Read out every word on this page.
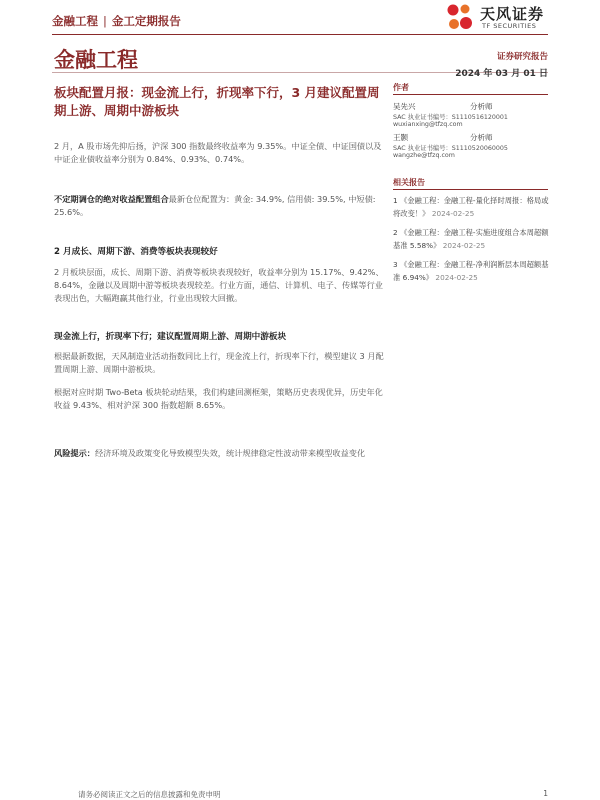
金融工程 | 金工定期报告	天风证券
TF SECURITIES
金融工程	证券研究报告
2024 年 03 月 01 日
板块配置月报：现金流上行，折现率下行，3 月建议配置周期上游、周期中游板块
2 月，A 股市场先抑后扬，沪深 300 指数最终收益率为 9.35%。中证全债、中证国债以及中证企业债收益率分别为 0.84%、0.93%、0.74%。
不定期调仓的绝对收益配置组合最新仓位配置为：黄金: 34.9%, 信用债: 39.5%, 中短债: 25.6%。
2 月成长、周期下游、消费等板块表现较好
2 月板块层面，成长、周期下游、消费等板块表现较好，收益率分别为 15.17%、9.42%、8.64%，金融以及周期中游等板块表现较差。行业方面，通信、计算机、电子、传媒等行业表现出色，大幅跑赢其他行业，行业出现较大回撤。
现金流上行，折现率下行；建议配置周期上游、周期中游板块
根据最新数据，天风制造业活动指数同比上行，现金流上行，折现率下行，模型建议 3 月配置周期上游、周期中游板块。
根据对应时期 Two-Beta 板块轮动结果，我们构建回测框架，策略历史表现优异，历史年化收益 9.43%、相对沪深 300 指数超额 8.65%。
风险提示：经济环境及政策变化导致模型失效，统计规律稳定性波动带来模型收益变化
作者
吴先兴	分析师
SAC 执业证书编号：S1110516120001
wuxianxing@tfzq.com
王颢	分析师
SAC 执业证书编号：S1110520060005
wangzhe@tfzq.com
相关报告
1 《金融工程：金融工程-量化择时周报：格局或将改变！》 2024-02-25
2 《金融工程：金融工程-实施进度组合本周超额基准 5.58%》 2024-02-25
3 《金融工程：金融工程-净利润断层本周超额基准 6.94%》 2024-02-25
请务必阅读正文之后的信息披露和免责申明	1
